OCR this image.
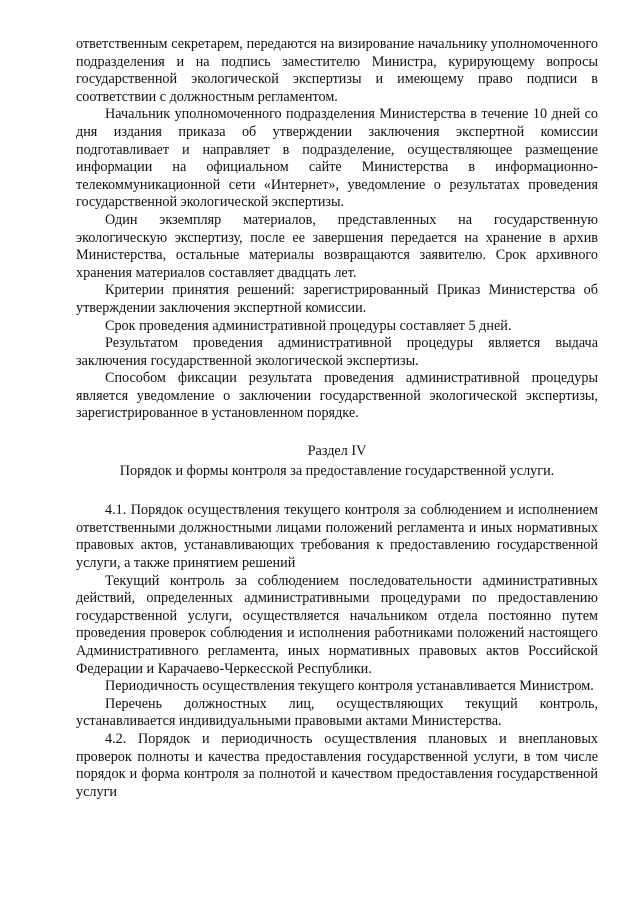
ответственным секретарем, передаются на визирование начальнику уполномоченного подразделения и на подпись заместителю Министра, курирующему вопросы государственной экологической экспертизы и имеющему право подписи в соответствии с должностным регламентом.

Начальник уполномоченного подразделения Министерства в течение 10 дней со дня издания приказа об утверждении заключения экспертной комиссии подготавливает и направляет в подразделение, осуществляющее размещение информации на официальном сайте Министерства в информационно-телекоммуникационной сети «Интернет», уведомление о результатах проведения государственной экологической экспертизы.

Один экземпляр материалов, представленных на государственную экологическую экспертизу, после ее завершения передается на хранение в архив Министерства, остальные материалы возвращаются заявителю. Срок архивного хранения материалов составляет двадцать лет.

Критерии принятия решений: зарегистрированный Приказ Министерства об утверждении заключения экспертной комиссии.

Срок проведения административной процедуры составляет 5 дней.

Результатом проведения административной процедуры является выдача заключения государственной экологической экспертизы.

Способом фиксации результата проведения административной процедуры является уведомление о заключении государственной экологической экспертизы, зарегистрированное в установленном порядке.

Раздел IV

Порядок и формы контроля за предоставление государственной услуги.

4.1. Порядок осуществления текущего контроля за соблюдением и исполнением ответственными должностными лицами положений регламента и иных нормативных правовых актов, устанавливающих требования к предоставлению государственной услуги, а также принятием решений

Текущий контроль за соблюдением последовательности административных действий, определенных административными процедурами по предоставлению государственной услуги, осуществляется начальником отдела постоянно путем проведения проверок соблюдения и исполнения работниками положений настоящего Административного регламента, иных нормативных правовых актов Российской Федерации и Карачаево-Черкесской Республики.

Периодичность осуществления текущего контроля устанавливается Министром.

Перечень должностных лиц, осуществляющих текущий контроль, устанавливается индивидуальными правовыми актами Министерства.

4.2. Порядок и периодичность осуществления плановых и внеплановых проверок полноты и качества предоставления государственной услуги, в том числе порядок и форма контроля за полнотой и качеством предоставления государственной услуги
